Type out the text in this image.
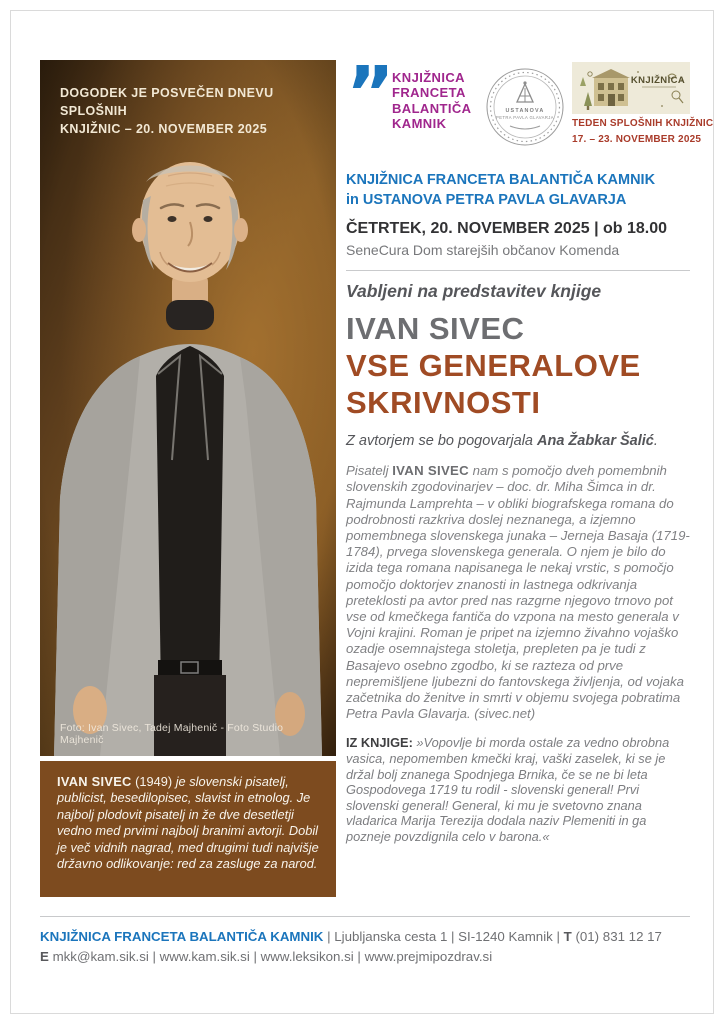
DOGODEK JE POSVEČEN DNEVU SPLOŠNIH
KNJIŽNIC – 20. NOVEMBER 2025
Foto: Ivan Sivec, Tadej Majhenič - Foto Studio Majhenič
IVAN SIVEC (1949) je slovenski pisatelj, publicist, besedilopisec, slavist in etnolog. Je najbolj plodovit pisatelj in že dve desetletji vedno med prvimi najbolj branimi avtorji. Dobil je več vidnih nagrad, med drugimi tudi najvišje državno odlikovanje: red za zasluge za narod.
”
KNJIŽNICA
FRANCETA
BALANTIČA
KAMNIK
USTANOVA
PETRA PAVLA GLAVARJA
KNJIŽNICA
TEDEN SPLOŠNIH KNJIŽNIC
17. – 23. NOVEMBER 2025
KNJIŽNICA FRANCETA BALANTIČA KAMNIK
in USTANOVA PETRA PAVLA GLAVARJA
ČETRTEK, 20. NOVEMBER 2025 | ob 18.00
SeneCura Dom starejših občanov Komenda
Vabljeni na predstavitev knjige
IVAN SIVEC
VSE GENERALOVE
SKRIVNOSTI
Z avtorjem se bo pogovarjala Ana Žabkar Šalić.
Pisatelj IVAN SIVEC nam s pomočjo dveh pomembnih slovenskih zgodovinarjev – doc. dr. Miha Šimca in dr. Rajmunda Lamprehta – v obliki biografskega romana do podrobnosti razkriva doslej neznanega, a izjemno pomembnega slovenskega junaka – Jerneja Basaja (1719-1784), prvega slovenskega generala. O njem je bilo do izida tega romana napisanega le nekaj vrstic, s pomočjo pomočjo doktorjev znanosti in lastnega odkrivanja preteklosti pa avtor pred nas razgrne njegovo trnovo pot vse od kmečkega fantiča do vzpona na mesto generala v Vojni krajini. Roman je pripet na izjemno živahno vojaško ozadje osemnajstega stoletja, prepleten pa je tudi z Basajevo osebno zgodbo, ki se razteza od prve nepremišljene ljubezni do fantovskega življenja, od vojaka začetnika do ženitve in smrti v objemu svojega pobratima Petra Pavla Glavarja. (sivec.net)
IZ KNJIGE: »Vopovlje bi morda ostale za vedno obrobna vasica, nepomemben kmečki kraj, vaški zaselek, ki se je držal bolj znanega Spodnjega Brnika, če se ne bi leta Gospodovega 1719 tu rodil - slovenski general! Prvi slovenski general! General, ki mu je svetovno znana vladarica Marija Terezija dodala naziv Plemeniti in ga pozneje povzdignila celo v barona.«
KNJIŽNICA FRANCETA BALANTIČA KAMNIK | Ljubljanska cesta 1 | SI-1240 Kamnik | T (01) 831 12 17
E mkk@kam.sik.si | www.kam.sik.si | www.leksikon.si | www.prejmipozdrav.si
